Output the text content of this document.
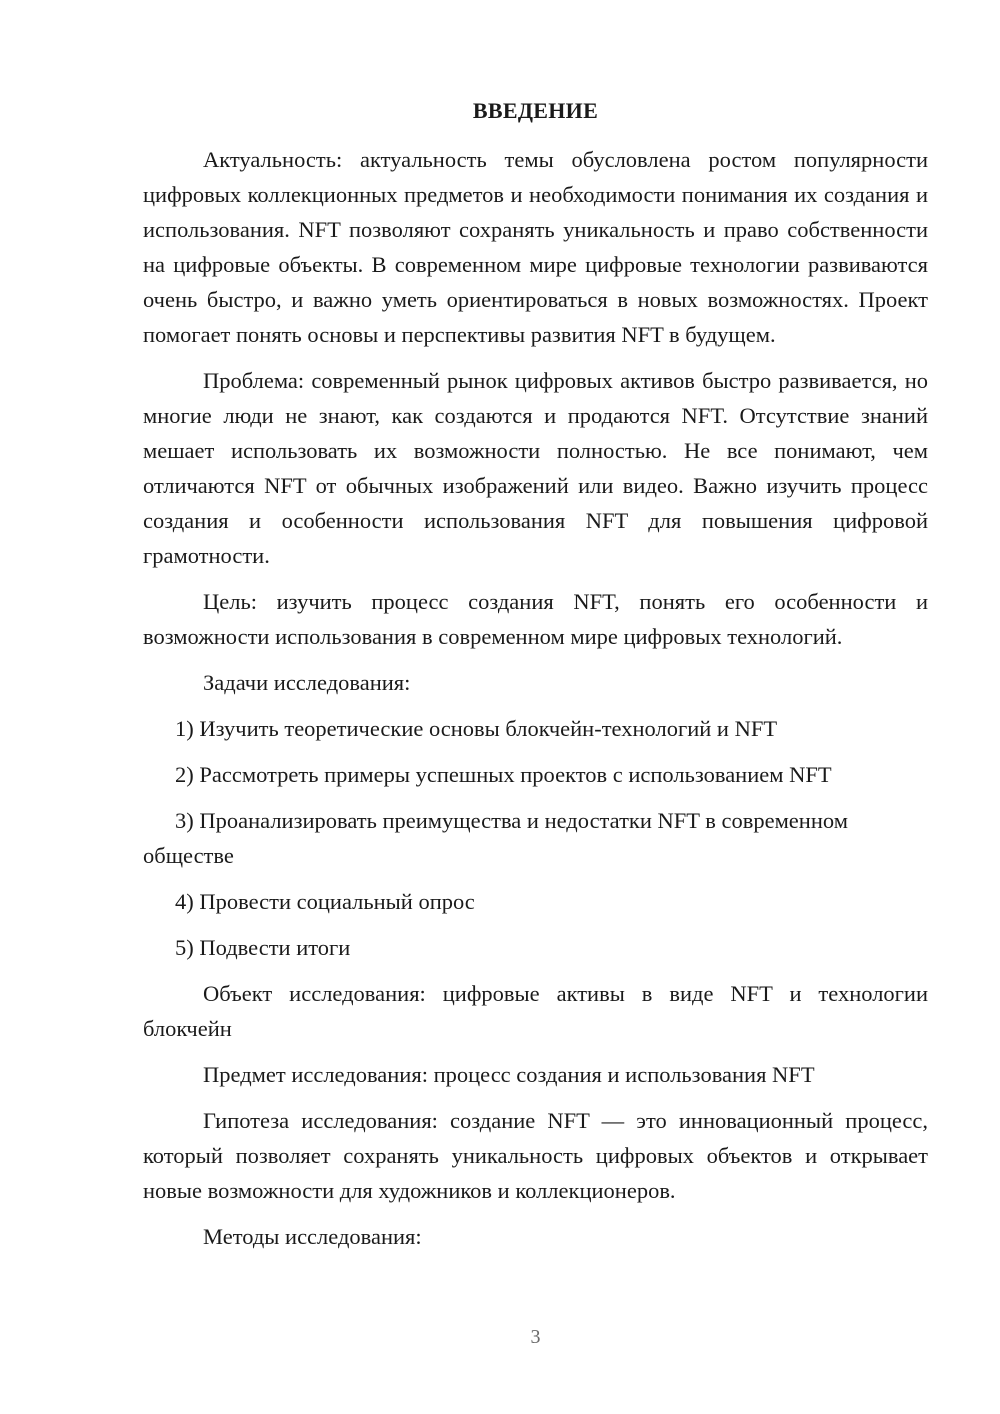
ВВЕДЕНИЕ

Актуальность: актуальность темы обусловлена ростом популярности цифровых коллекционных предметов и необходимости понимания их создания и использования. NFT позволяют сохранять уникальность и право собственности на цифровые объекты. В современном мире цифровые технологии развиваются очень быстро, и важно уметь ориентироваться в новых возможностях. Проект помогает понять основы и перспективы развития NFT в будущем.

Проблема: современный рынок цифровых активов быстро развивается, но многие люди не знают, как создаются и продаются NFT. Отсутствие знаний мешает использовать их возможности полностью. Не все понимают, чем отличаются NFT от обычных изображений или видео. Важно изучить процесс создания и особенности использования NFT для повышения цифровой грамотности.

Цель: изучить процесс создания NFT, понять его особенности и возможности использования в современном мире цифровых технологий.

Задачи исследования:

1) Изучить теоретические основы блокчейн-технологий и NFT

2) Рассмотреть примеры успешных проектов с использованием NFT

3) Проанализировать преимущества и недостатки NFT в современном обществе

4) Провести социальный опрос

5) Подвести итоги

Объект исследования: цифровые активы в виде NFT и технологии блокчейн

Предмет исследования: процесс создания и использования NFT

Гипотеза исследования: создание NFT — это инновационный процесс, который позволяет сохранять уникальность цифровых объектов и открывает новые возможности для художников и коллекционеров.

Методы исследования:

3
